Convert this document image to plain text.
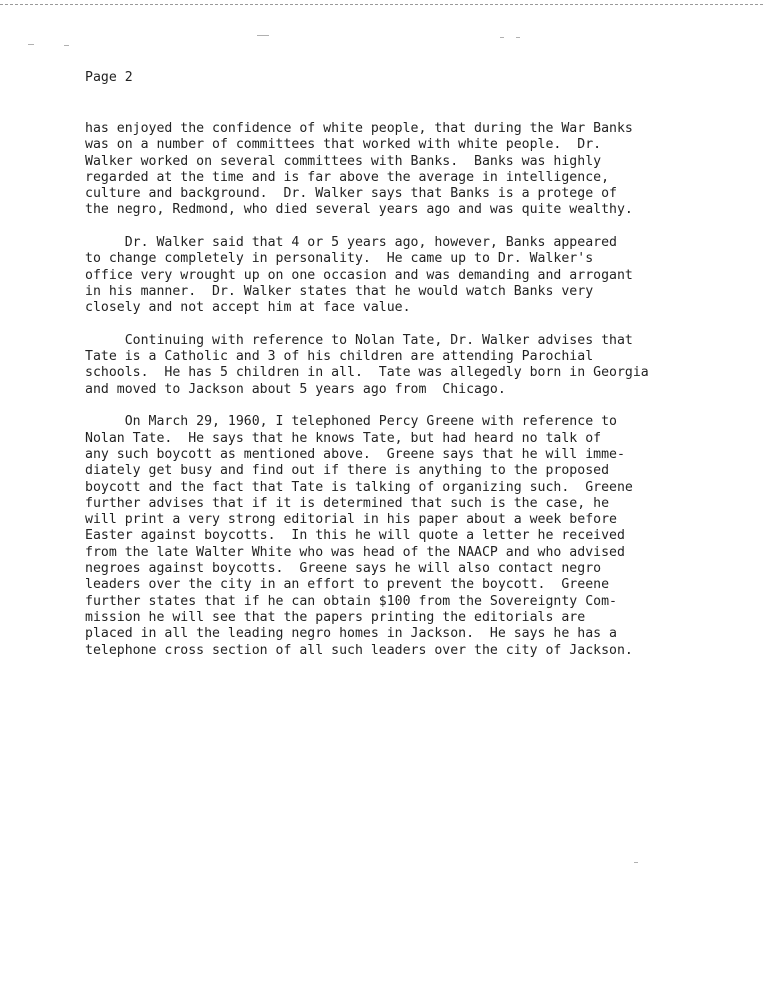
Page 2
has enjoyed the confidence of white people, that during the War Banks
was on a number of committees that worked with white people.  Dr.
Walker worked on several committees with Banks.  Banks was highly
regarded at the time and is far above the average in intelligence,
culture and background.  Dr. Walker says that Banks is a protege of
the negro, Redmond, who died several years ago and was quite wealthy.
Dr. Walker said that 4 or 5 years ago, however, Banks appeared
to change completely in personality.  He came up to Dr. Walker's
office very wrought up on one occasion and was demanding and arrogant
in his manner.  Dr. Walker states that he would watch Banks very
closely and not accept him at face value.
Continuing with reference to Nolan Tate, Dr. Walker advises that
Tate is a Catholic and 3 of his children are attending Parochial
schools.  He has 5 children in all.  Tate was allegedly born in Georgia
and moved to Jackson about 5 years ago from  Chicago.
On March 29, 1960, I telephoned Percy Greene with reference to
Nolan Tate.  He says that he knows Tate, but had heard no talk of
any such boycott as mentioned above.  Greene says that he will imme-
diately get busy and find out if there is anything to the proposed
boycott and the fact that Tate is talking of organizing such.  Greene
further advises that if it is determined that such is the case, he
will print a very strong editorial in his paper about a week before
Easter against boycotts.  In this he will quote a letter he received
from the late Walter White who was head of the NAACP and who advised
negroes against boycotts.  Greene says he will also contact negro
leaders over the city in an effort to prevent the boycott.  Greene
further states that if he can obtain $100 from the Sovereignty Com-
mission he will see that the papers printing the editorials are
placed in all the leading negro homes in Jackson.  He says he has a
telephone cross section of all such leaders over the city of Jackson.
